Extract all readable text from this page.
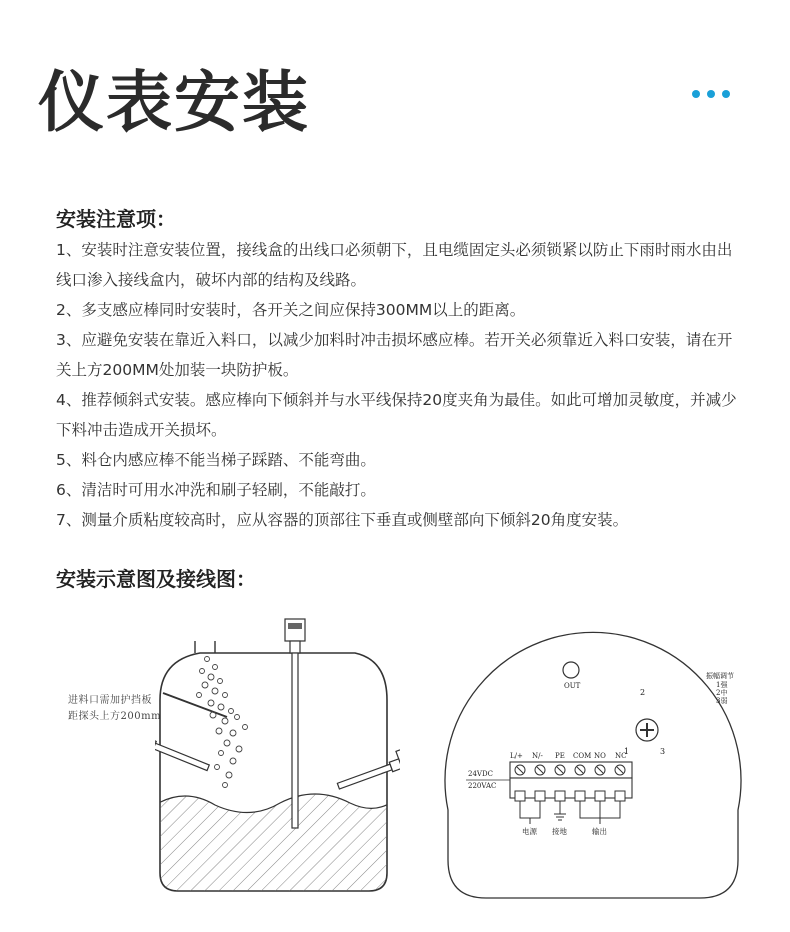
仪表安装
安装注意项：

1、安装时注意安装位置，接线盒的出线口必须朝下，且电缆固定头必须锁紧以防止下雨时雨水由出线口渗入接线盒内，破坏内部的结构及线路。

2、多支感应棒同时安装时，各开关之间应保持300MM以上的距离。

3、应避免安装在靠近入料口，以减少加料时冲击损坏感应棒。若开关必须靠近入料口安装，请在开关上方200MM处加装一块防护板。

4、推荐倾斜式安装。感应棒向下倾斜并与水平线保持20度夹角为最佳。如此可增加灵敏度，并减少下料冲击造成开关损坏。

5、料仓内感应棒不能当梯子踩踏、不能弯曲。

6、清洁时可用水冲洗和刷子轻刷，不能敲打。

7、测量介质粘度较高时，应从容器的顶部往下垂直或侧壁部向下倾斜20角度安装。

安装示意图及接线图：
进料口需加护挡板
距探头上方200mm
OUT
2
1	3
振幅调节
1强
2中
3弱
L/+ N/- PE COM NO NC
24VDC
220VAC
电源 接地	输出
